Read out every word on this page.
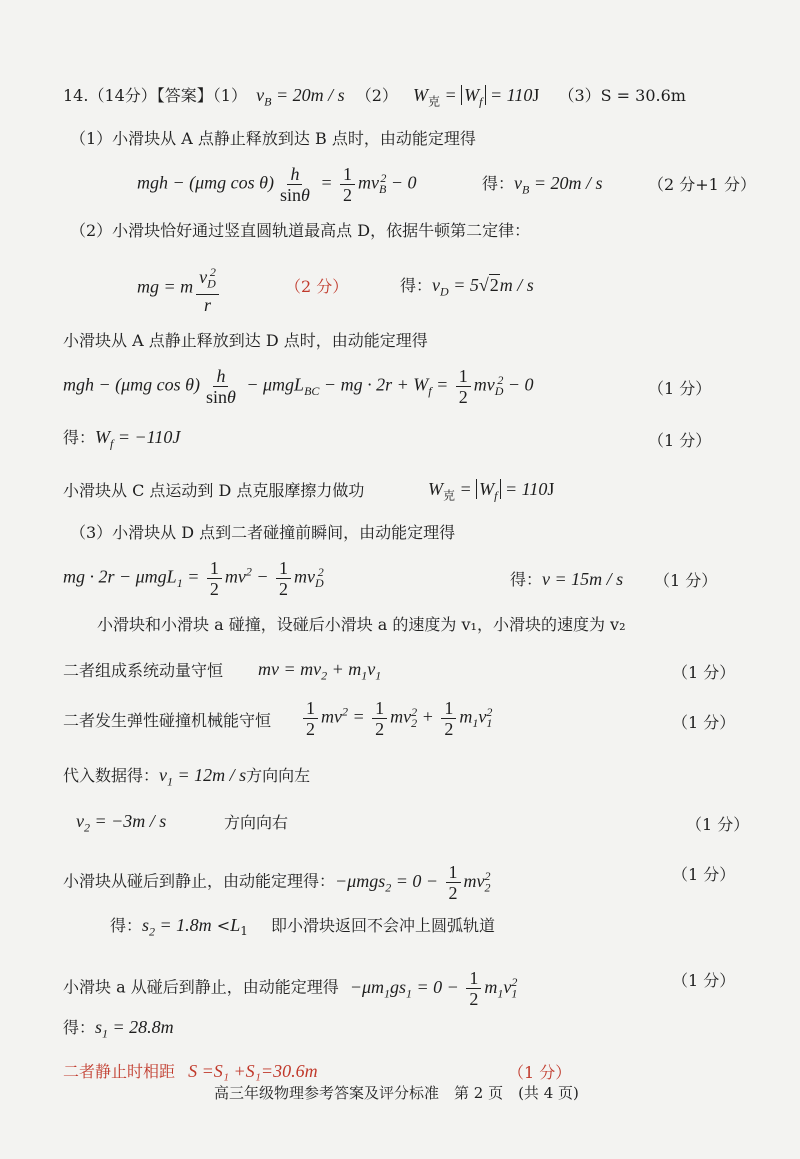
14.（14分）【答案】（1） $v_B = 20m / s$ （2） $W_克 = W_f = 110J$ （3）S = 30.6m
（1）小滑块从 A 点静止释放到达 B 点时，由动能定理得
mgh − (μmg $\cos \theta) \frac{h}{\sin\theta} = \frac{1}{2} mv_B^2 - 0$	得：$v_B = 20m / s$	（2 分+1 分）
（2）小滑块恰好通过竖直圆轨道最高点 D，依据牛顿第二定律：
mg = m $\frac{v_D^2}{r}$	（2 分）	得：$v_D = 5√2m / s$
小滑块从 A 点静止释放到达 D 点时，由动能定理得
mgh − (μmg $\cos \theta) \frac{h}{\sin\theta} - \mu mgL_{BC}$ − mg · $2r + W_f = \frac{1}{2} mv_D^2 - 0$	（1 分）
得：$W_f = -110J$	（1 分）
小滑块从 C 点运动到 D 点克服摩擦力做功	$W_克 = W_f = 110J$
（3）小滑块从 D 点到二者碰撞前瞬间，由动能定理得
mg · $2r - \mu mgL_1 = \frac{1}{2} mv^2 - \frac{1}{2} mv_D^2$	得：v = 15m / s （1 分）
小滑块和小滑块 a 碰撞，设碰后小滑块 a 的速度为 v₁，小滑块的速度为 v₂
二者组成系统动量守恒 mv = $mv_2 + m_1v_1$	（1 分）
二者发生弹性碰撞机械能守恒 $\frac{1}{2} mv^2 = \frac{1}{2} mv_2^2 + \frac{1}{2} m_1v_1^2$
（1 分）
代入数据得：$v_1 = 12m / s$方向向左
$v_2 = -3m / s$	方向向右	（1 分）
小滑块从碰后到静止，由动能定理得：$-\mu mgs_2 = 0 - \frac{1}{2} mv_2^2$	（1 分）
得：$s_2 = 1.8m <L_1$ 即小滑块返回不会冲上圆弧轨道
小滑块 a 从碰后到静止，由动能定理得 $-\mu m_1gs_1 = 0 - \frac{1}{2} m_1v_1^2$	（1 分）
得：$s_1 = 28.8m$
二者静止时相距 S =S₁ +S₁=30.6m	（1 分）
高三年级物理参考答案及评分标准　第 2 页　(共 4 页)
